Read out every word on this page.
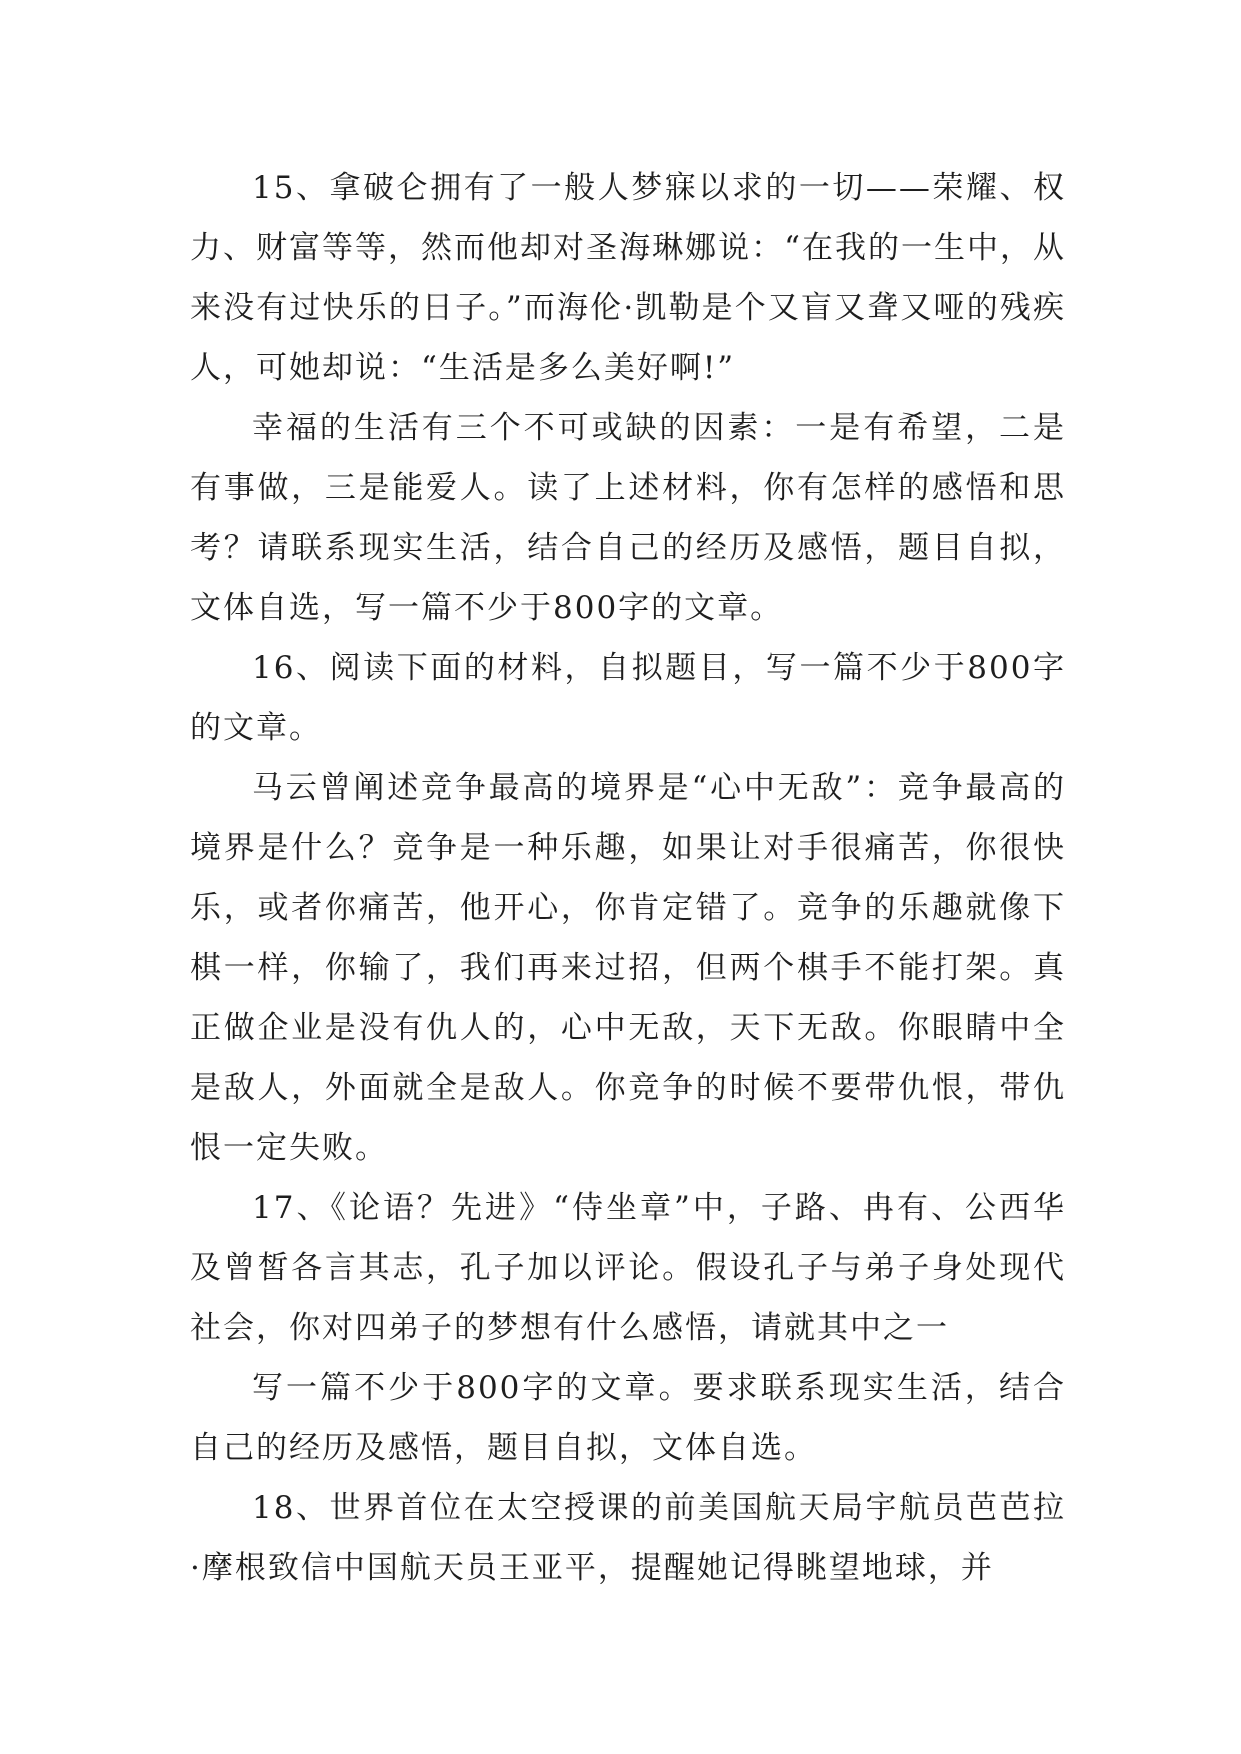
15、拿破仑拥有了一般人梦寐以求的一切——荣耀、权力、财富等等，然而他却对圣海琳娜说：“在我的一生中，从来没有过快乐的日子。”而海伦·凯勒是个又盲又聋又哑的残疾人，可她却说：“生活是多么美好啊!”

幸福的生活有三个不可或缺的因素：一是有希望，二是有事做，三是能爱人。读了上述材料，你有怎样的感悟和思考？请联系现实生活，结合自己的经历及感悟，题目自拟，文体自选，写一篇不少于800字的文章。

16、阅读下面的材料，自拟题目，写一篇不少于800字的文章。

马云曾阐述竞争最高的境界是“心中无敌”：竞争最高的境界是什么？竞争是一种乐趣，如果让对手很痛苦，你很快乐，或者你痛苦，他开心，你肯定错了。竞争的乐趣就像下棋一样，你输了，我们再来过招，但两个棋手不能打架。真正做企业是没有仇人的，心中无敌，天下无敌。你眼睛中全是敌人，外面就全是敌人。你竞争的时候不要带仇恨，带仇恨一定失败。

17、《论语？先进》“侍坐章”中，子路、冉有、公西华及曾皙各言其志，孔子加以评论。假设孔子与弟子身处现代社会，你对四弟子的梦想有什么感悟，请就其中之一

写一篇不少于800字的文章。要求联系现实生活，结合自己的经历及感悟，题目自拟，文体自选。

18、世界首位在太空授课的前美国航天局宇航员芭芭拉·摩根致信中国航天员王亚平，提醒她记得眺望地球，并
